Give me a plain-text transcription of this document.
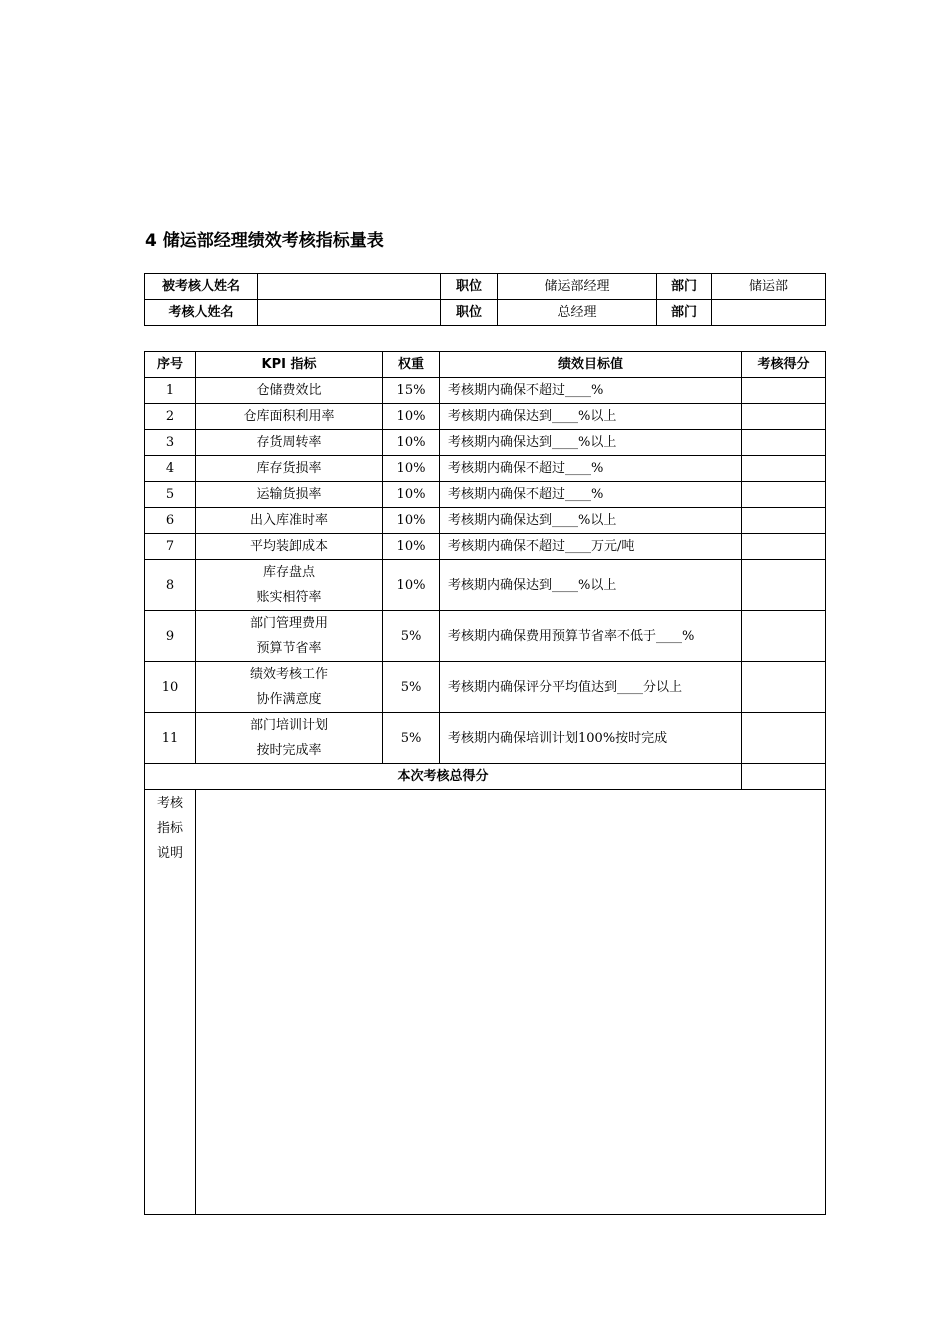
4 储运部经理绩效考核指标量表
被考核人姓名		职位	储运部经理	部门	储运部
考核人姓名		职位	总经理	部门	
序号	KPI 指标	权重	绩效目标值	考核得分
1	仓储费效比	15%	考核期内确保不超过____%	
2	仓库面积利用率	10%	考核期内确保达到____%以上	
3	存货周转率	10%	考核期内确保达到____%以上	
4	库存货损率	10%	考核期内确保不超过____%	
5	运输货损率	10%	考核期内确保不超过____%	
6	出入库准时率	10%	考核期内确保达到____%以上	
7	平均装卸成本	10%	考核期内确保不超过____万元/吨	
8	库存盘点
账实相符率	10%	考核期内确保达到____%以上	
9	部门管理费用
预算节省率	5%	考核期内确保费用预算节省率不低于____%	
10	绩效考核工作
协作满意度	5%	考核期内确保评分平均值达到____分以上	
11	部门培训计划
按时完成率	5%	考核期内确保培训计划100%按时完成	
本次考核总得分				

考核
指标
说明				
